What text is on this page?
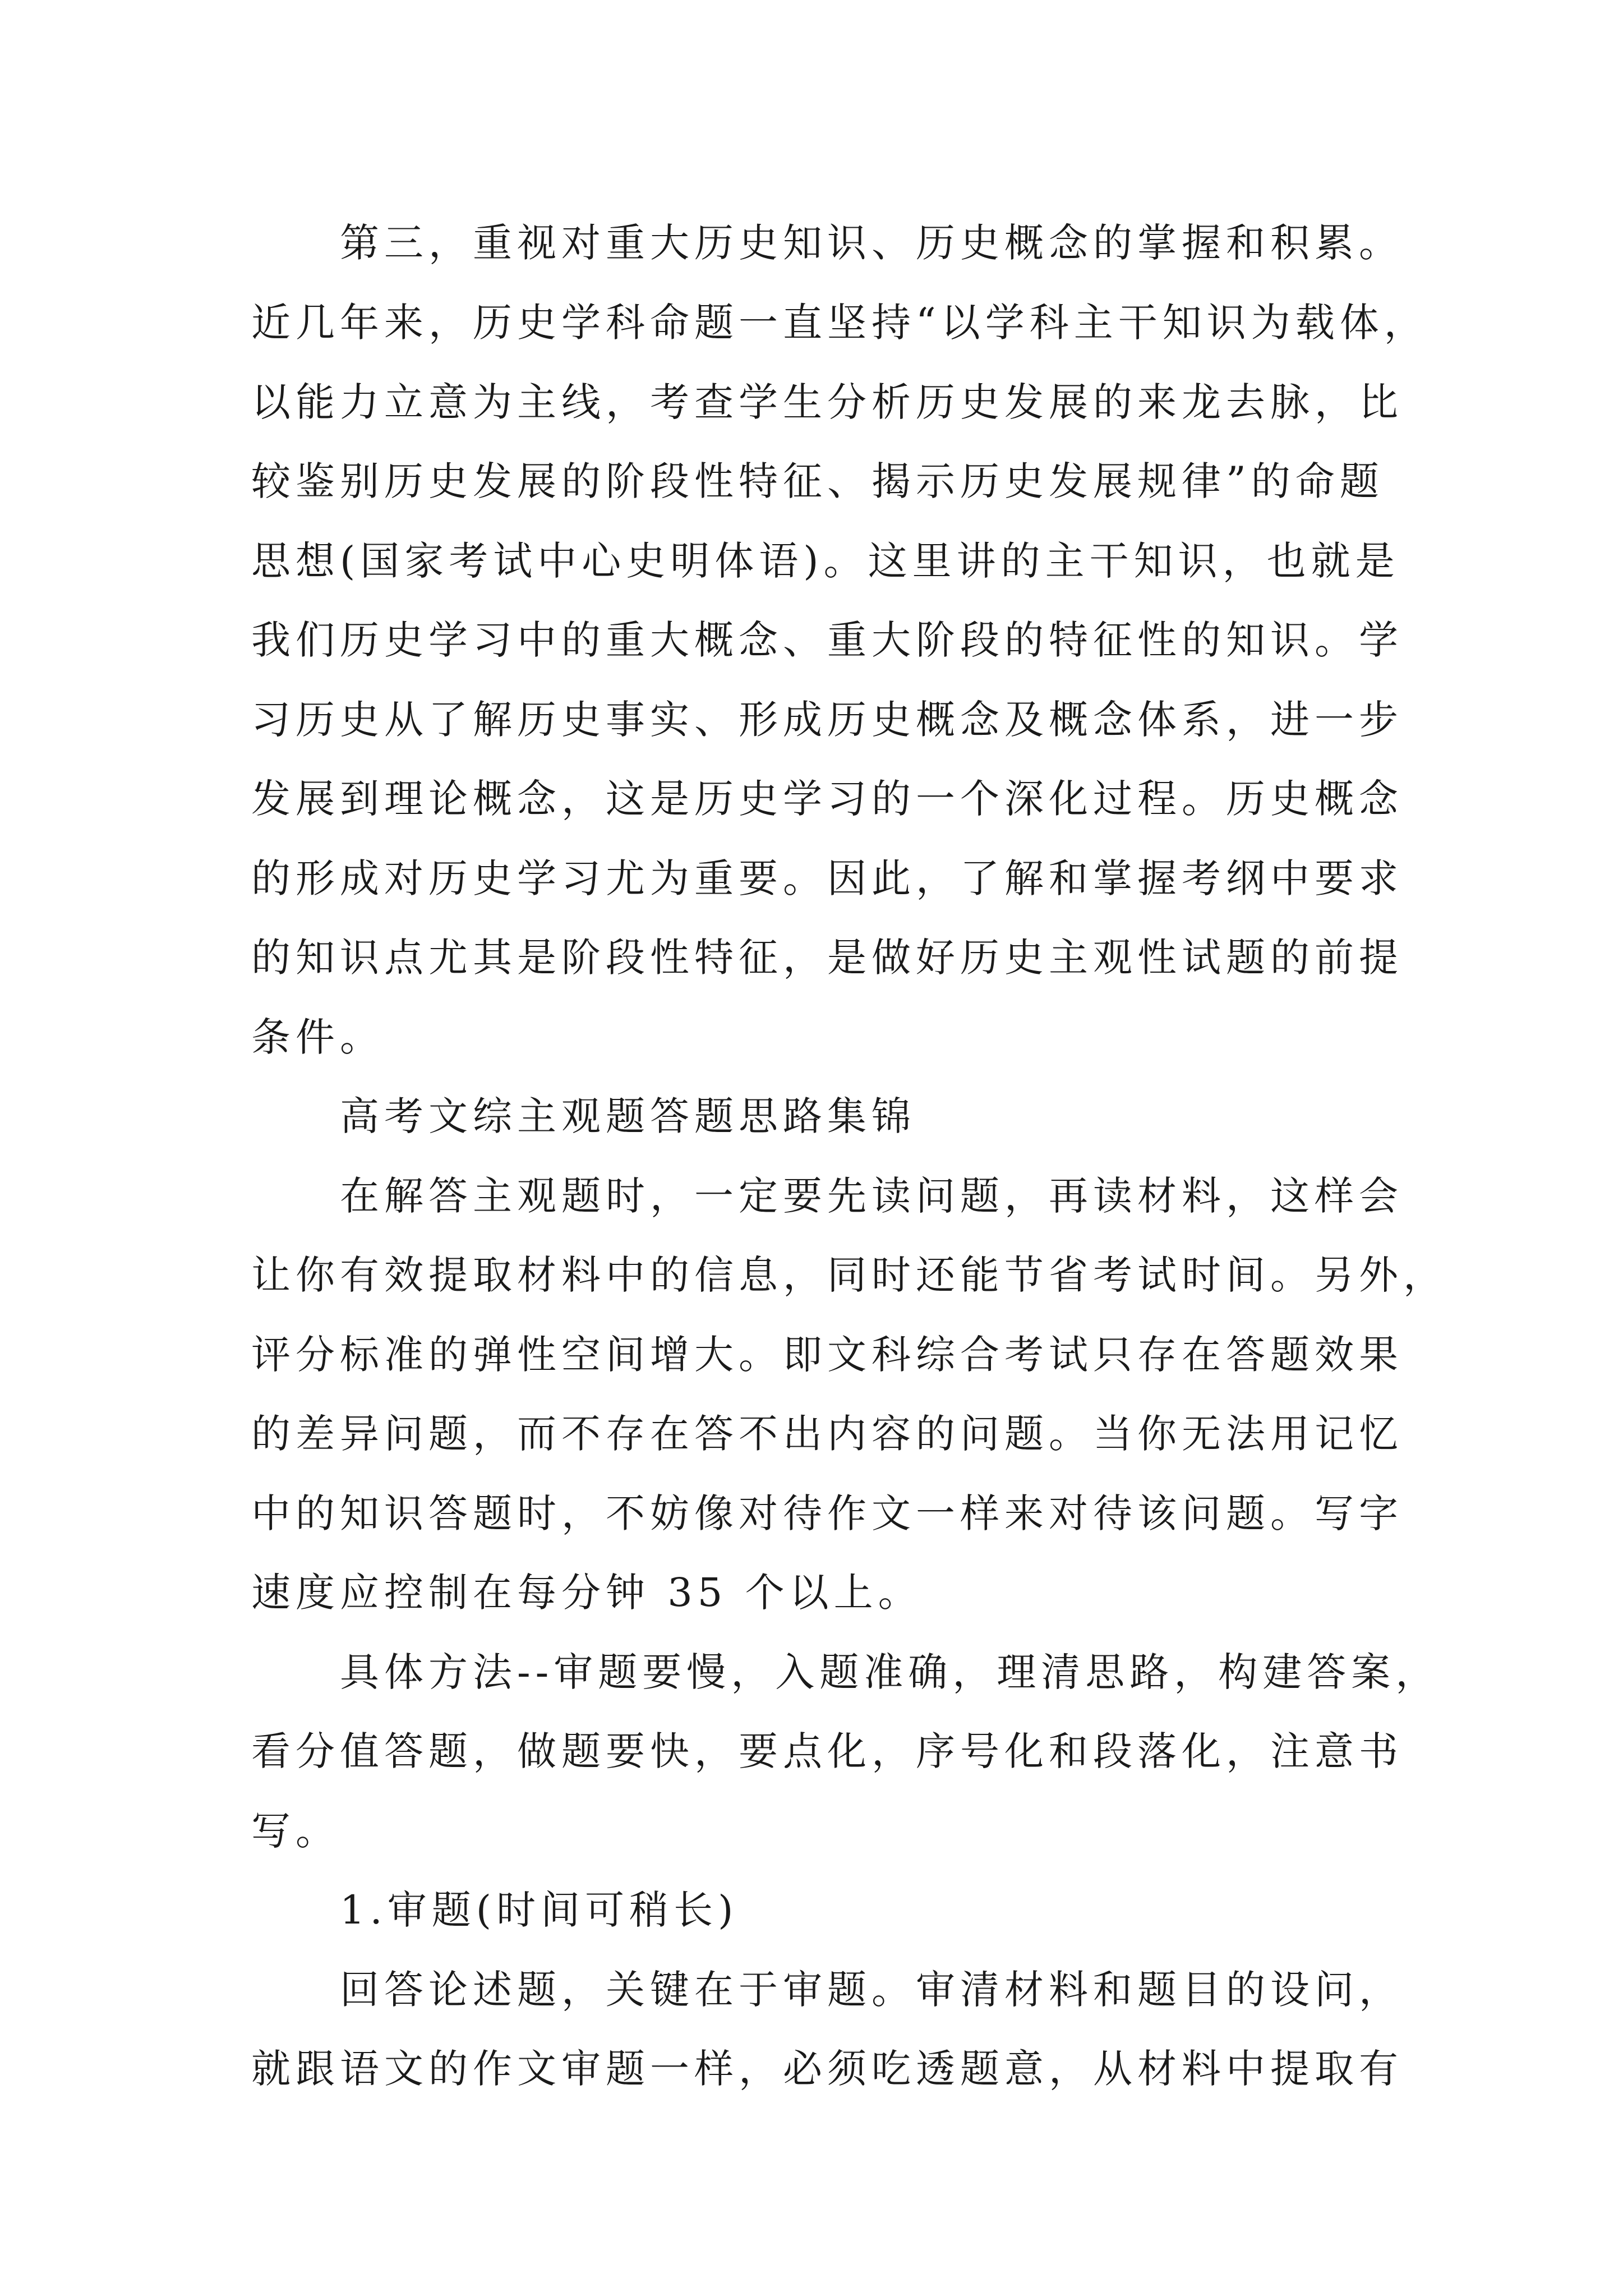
第三，重视对重大历史知识、历史概念的掌握和积累。
近几年来，历史学科命题一直坚持“以学科主干知识为载体，
以能力立意为主线，考查学生分析历史发展的来龙去脉，比
较鉴别历史发展的阶段性特征、揭示历史发展规律”的命题
思想(国家考试中心史明体语)。这里讲的主干知识，也就是
我们历史学习中的重大概念、重大阶段的特征性的知识。学
习历史从了解历史事实、形成历史概念及概念体系，进一步
发展到理论概念，这是历史学习的一个深化过程。历史概念
的形成对历史学习尤为重要。因此，了解和掌握考纲中要求
的知识点尤其是阶段性特征，是做好历史主观性试题的前提
条件。
高考文综主观题答题思路集锦
在解答主观题时，一定要先读问题，再读材料，这样会
让你有效提取材料中的信息，同时还能节省考试时间。另外，
评分标准的弹性空间增大。即文科综合考试只存在答题效果
的差异问题，而不存在答不出内容的问题。当你无法用记忆
中的知识答题时，不妨像对待作文一样来对待该问题。写字
速度应控制在每分钟 35 个以上。
具体方法--审题要慢，入题准确，理清思路，构建答案，
看分值答题，做题要快，要点化，序号化和段落化，注意书
写。
1.审题(时间可稍长)
回答论述题，关键在于审题。审清材料和题目的设问，
就跟语文的作文审题一样，必须吃透题意，从材料中提取有
